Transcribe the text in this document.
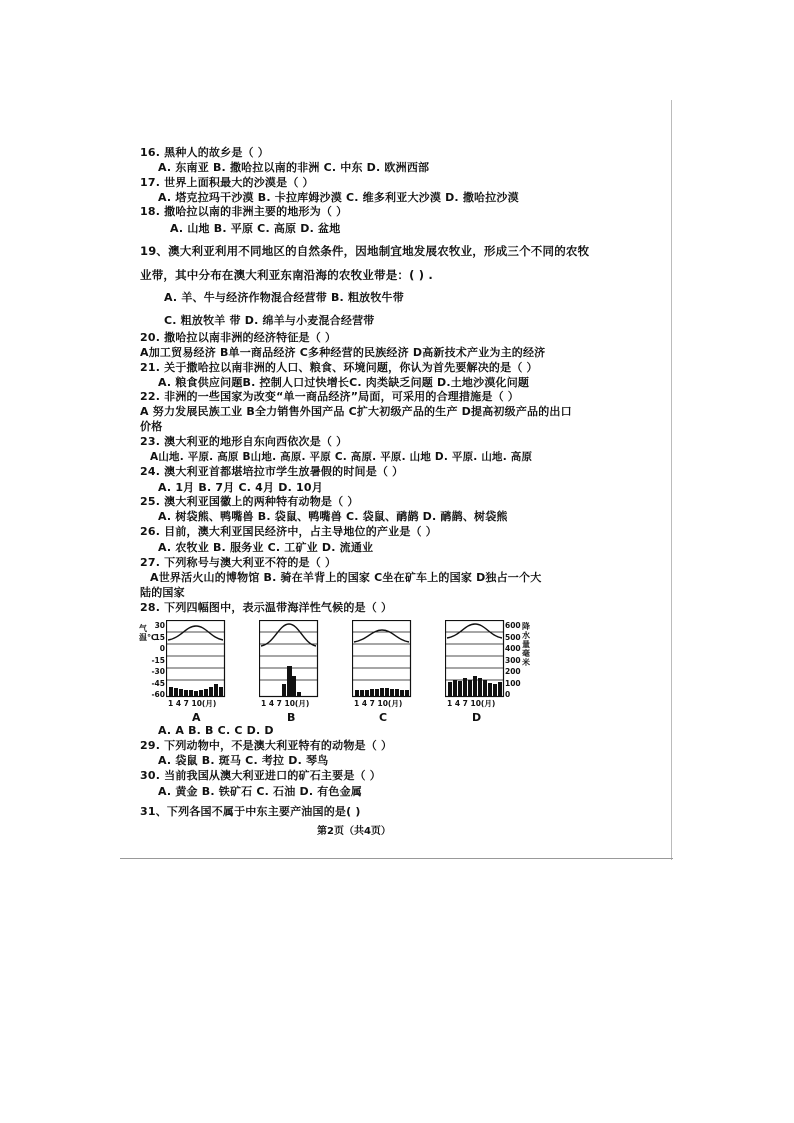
16. 黑种人的故乡是（ ）
A. 东南亚 B. 撒哈拉以南的非洲 C. 中东 D. 欧洲西部
17. 世界上面积最大的沙漠是（ ）
A. 塔克拉玛干沙漠 B. 卡拉库姆沙漠 C. 维多利亚大沙漠 D. 撒哈拉沙漠
18. 撒哈拉以南的非洲主要的地形为（ ）
A. 山地 B. 平原 C. 高原 D. 盆地
19、澳大利亚利用不同地区的自然条件，因地制宜地发展农牧业，形成三个不同的农牧
业带，其中分布在澳大利亚东南沿海的农牧业带是：( ) .
A. 羊、牛与经济作物混合经营带 B. 粗放牧牛带
C. 粗放牧羊 带 D. 绵羊与小麦混合经营带
20. 撒哈拉以南非洲的经济特征是（ ）
A加工贸易经济 B单一商品经济 C多种经营的民族经济 D高新技术产业为主的经济
21. 关于撒哈拉以南非洲的人口、粮食、环境问题，你认为首先要解决的是（ ）
A. 粮食供应问题B. 控制人口过快增长C. 肉类缺乏问题 D.土地沙漠化问题
22. 非洲的一些国家为改变“单一商品经济”局面，可采用的合理措施是（ ）
A 努力发展民族工业 B全力销售外国产品 C扩大初级产品的生产 D提高初级产品的出口
价格
23. 澳大利亚的地形自东向西依次是（ ）
A山地. 平原. 高原 B山地. 高原. 平原 C. 高原. 平原. 山地 D. 平原. 山地. 高原
24. 澳大利亚首都堪培拉市学生放暑假的时间是（ ）
A. 1月 B. 7月 C. 4月 D. 10月
25. 澳大利亚国徽上的两种特有动物是（ ）
A. 树袋熊、鸭嘴兽 B. 袋鼠、鸭嘴兽 C. 袋鼠、鸸鹋 D. 鸸鹋、树袋熊
26. 目前，澳大利亚国民经济中，占主导地位的产业是（ ）
A. 农牧业 B. 服务业 C. 工矿业 D. 流通业
27. 下列称号与澳大利亚不符的是（ ）
A世界活火山的博物馆 B. 骑在羊背上的国家 C坐在矿车上的国家 D独占一个大
陆的国家
28. 下列四幅图中，表示温带海洋性气候的是（ ）
气温℃
30
15
0
-15
-30
-45
-60
600
500
400
300
200
100
0
降水量毫米
1 4 7 10(月)	1 4 7 10(月)	1 4 7 10(月)	1 4 7 10(月)
A	B	C	D
A. A B. B C. C D. D
29. 下列动物中，不是澳大利亚特有的动物是（ ）
A. 袋鼠 B. 斑马 C. 考拉 D. 琴鸟
30. 当前我国从澳大利亚进口的矿石主要是（ ）
A. 黄金 B. 铁矿石 C. 石油 D. 有色金属
31、下列各国不属于中东主要产油国的是( )
第2页（共4页）
